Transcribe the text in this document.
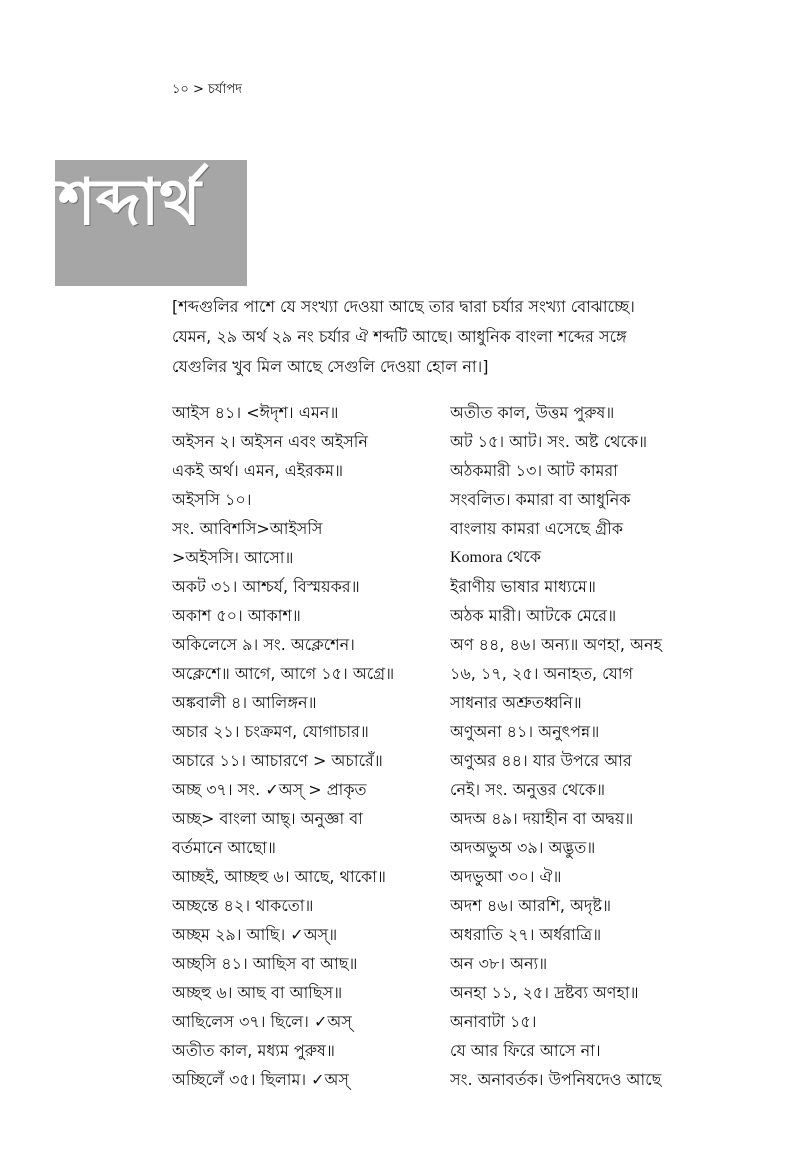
১০ > চর্যাপদ
শব্দার্থ
[শব্দগুলির পাশে যে সংখ্যা দেওয়া আছে তার দ্বারা চর্যার সংখ্যা বোঝাচ্ছে।
যেমন, ২৯ অর্থ ২৯ নং চর্যার ঐ শব্দটি আছে। আধুনিক বাংলা শব্দের সঙ্গে
যেগুলির খুব মিল আছে সেগুলি দেওয়া হোল না।]
আইস ৪১। <ঈদৃশ। এমন॥
অইসন ২। অইসন এবং অইসনি
একই অর্থ। এমন, এইরকম॥
অইসসি ১০।
সং. আবিশসি>আইসসি
>অইসসি। আসো॥
অকট ৩১। আশ্চর্য, বিস্ময়কর॥
অকাশ ৫০। আকাশ॥
অকিলেসে ৯। সং. অক্লেশেন।
অক্লেশে॥ আগে, আগে ১৫। অগ্রে॥
অঙ্কবালী ৪। আলিঙ্গন॥
অচার ২১। চংক্রমণ, যোগাচার॥
অচারে ১১। আচারণে > অচারেঁ॥
অচ্ছ ৩৭। সং. ✓অস্ > প্রাকৃত
অচ্ছ> বাংলা আছ্। অনুজ্ঞা বা
বর্তমানে আছো॥
আচ্ছই, আচ্ছহু ৬। আছে, থাকো॥
অচ্ছন্তে ৪২। থাকতো॥
অচ্ছম ২৯। আছি। ✓অস্॥
অচ্ছসি ৪১। আছিস বা আছ॥
অচ্ছহু ৬। আছ বা আছিস॥
আছিলেস ৩৭। ছিলে। ✓অস্
অতীত কাল, মধ্যম পুরুষ॥
অচ্ছিলেঁ ৩৫। ছিলাম। ✓অস্
অতীত কাল, উত্তম পুরুষ॥
অট ১৫। আট। সং. অষ্ট থেকে॥
অঠকমারী ১৩। আট কামরা
সংবলিত। কমারা বা আধুনিক
বাংলায় কামরা এসেছে গ্রীক
Komora থেকে
ইরাণীয় ভাষার মাধ্যমে॥
অঠক মারী। আটকে মেরে॥
অণ ৪৪, ৪৬। অন্য॥ অণহা, অনহ
১৬, ১৭, ২৫। অনাহত, যোগ
সাধনার অশ্রুতধ্বনি॥
অণুঅনা ৪১। অনুৎপন্ন॥
অণুঅর ৪৪। যার উপরে আর
নেই। সং. অনুত্তর থেকে॥
অদঅ ৪৯। দয়াহীন বা অদ্বয়॥
অদঅভুঅ ৩৯। অদ্ভুত॥
অদভুআ ৩০। ঐ॥
অদশ ৪৬। আরশি, অদৃষ্ট॥
অধরাতি ২৭। অর্ধরাত্রি॥
অন ৩৮। অন্য॥
অনহা ১১, ২৫। দ্রষ্টব্য অণহা॥
অনাবাটা ১৫।
যে আর ফিরে আসে না।
সং. অনাবর্তক। উপনিষদেও আছে
